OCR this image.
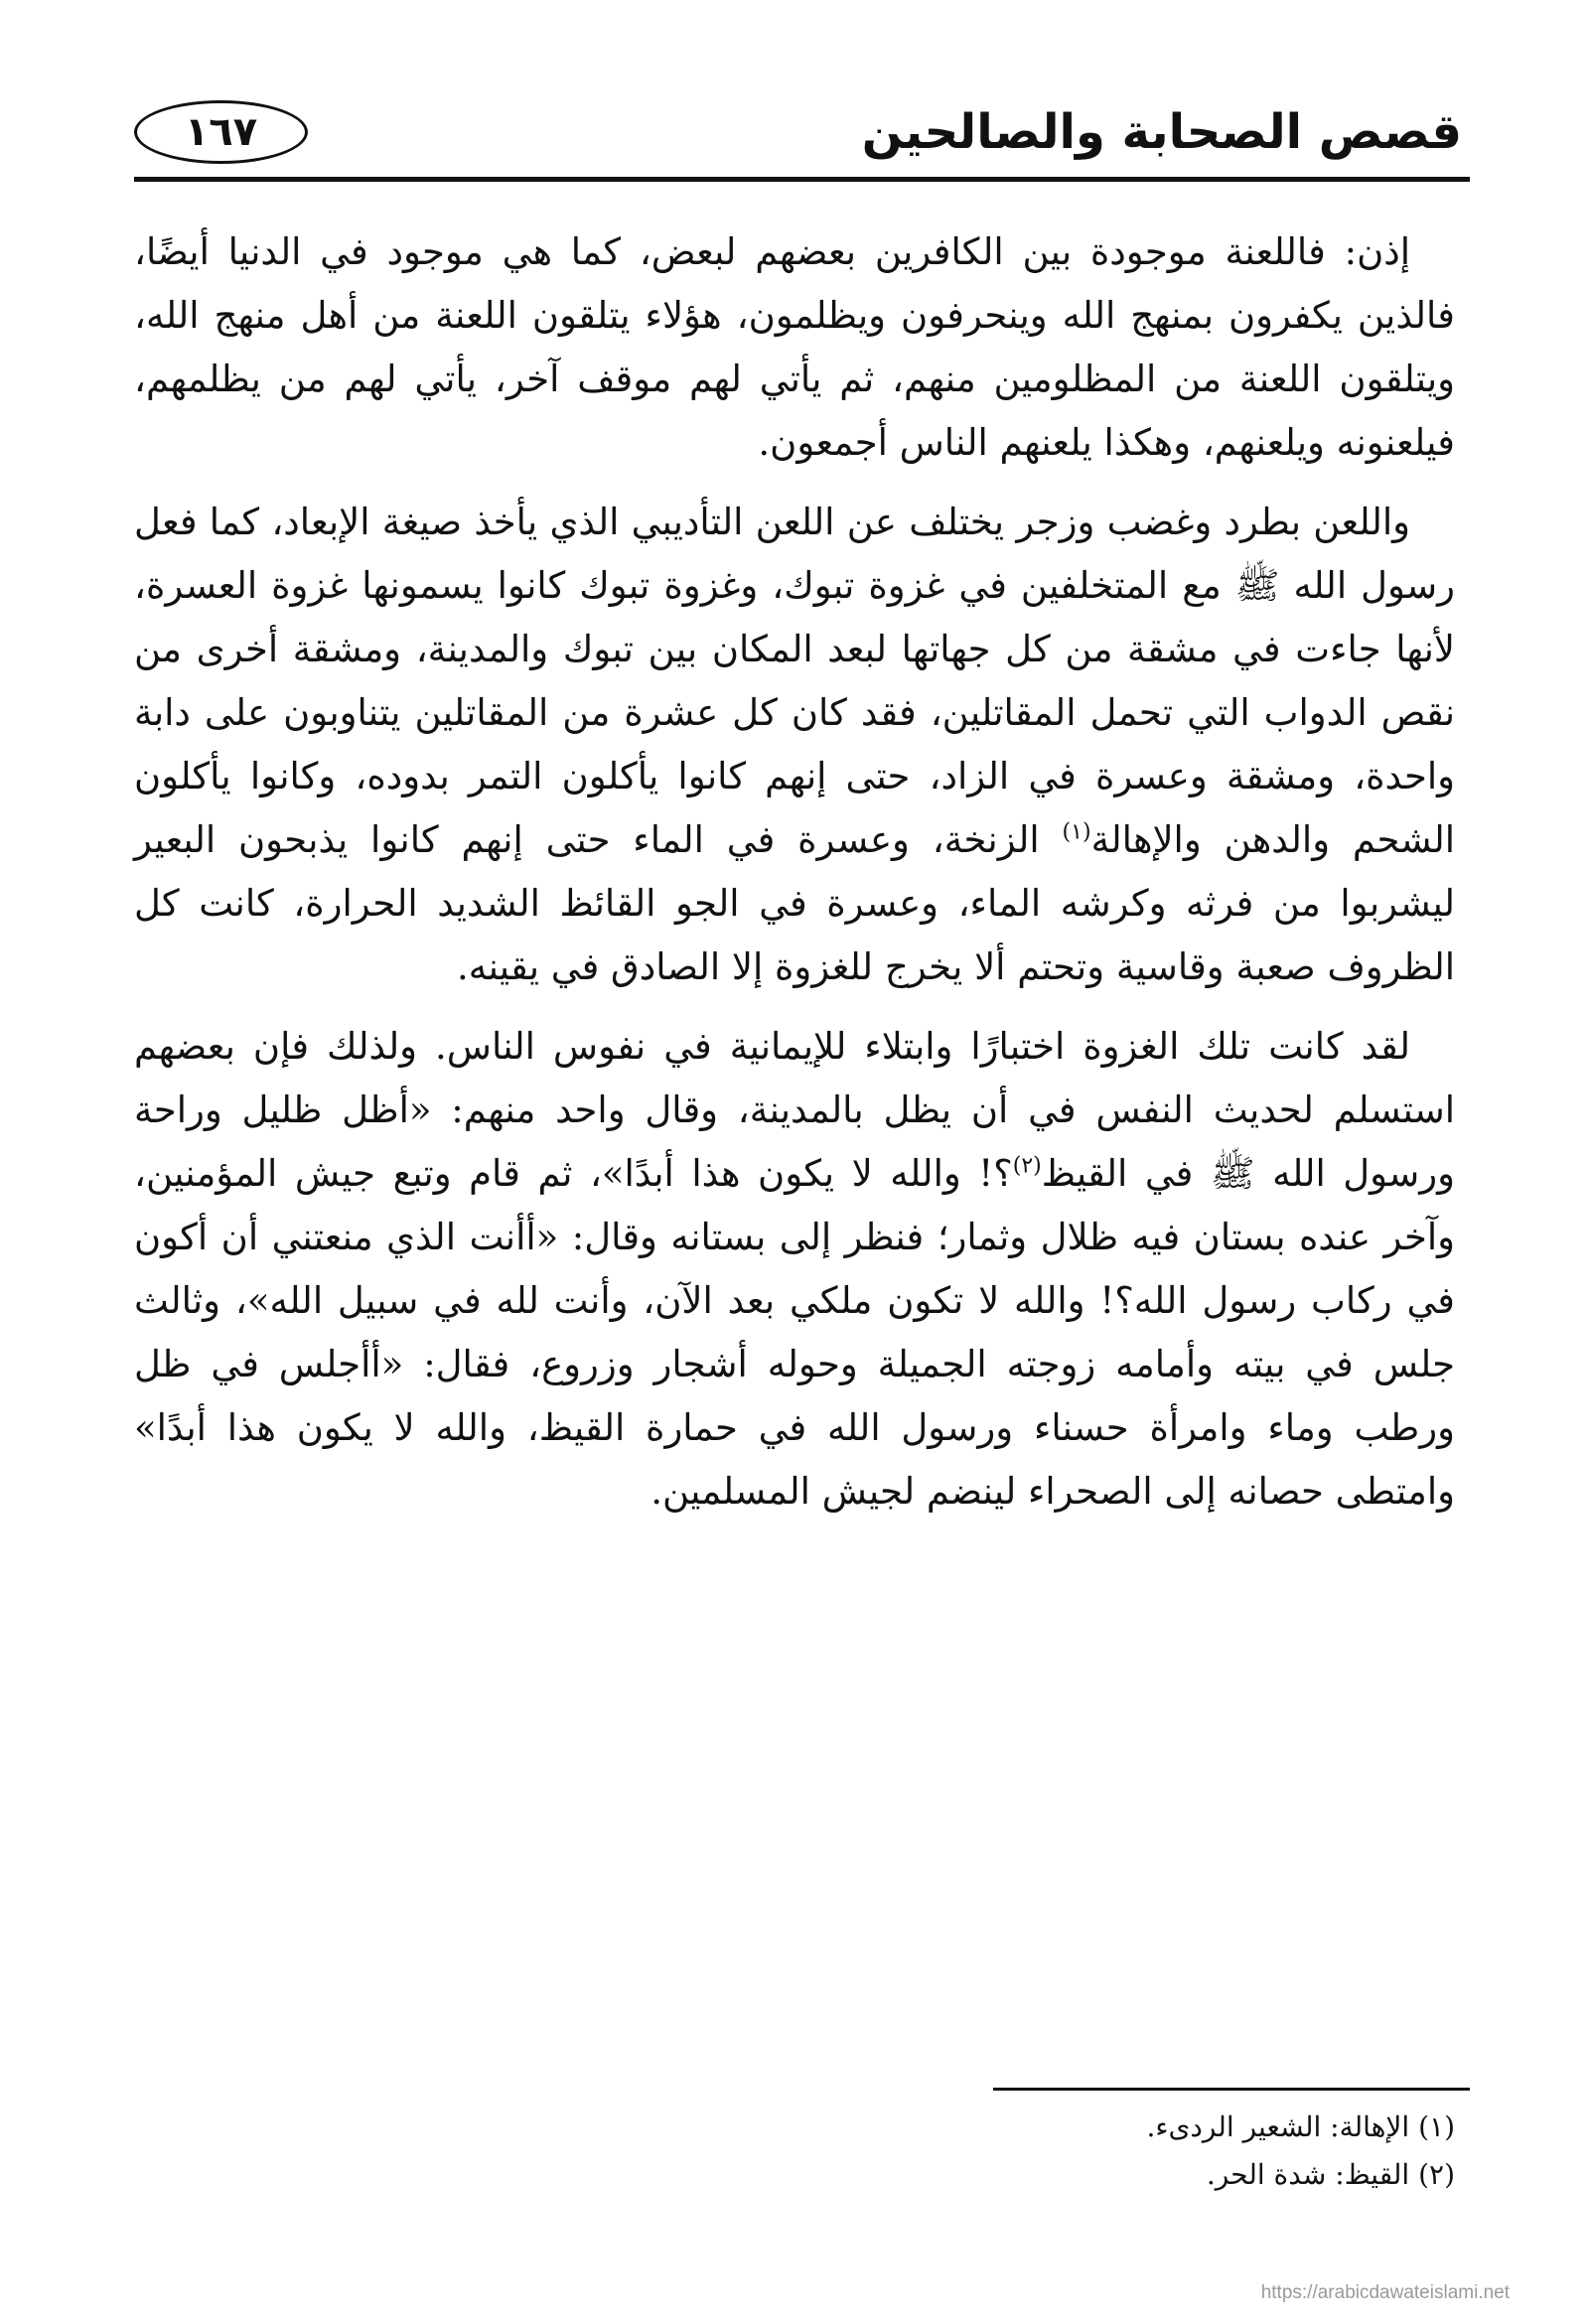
قصص الصحابة والصالحين
١٦٧

إذن: فاللعنة موجودة بين الكافرين بعضهم لبعض، كما هي موجود في الدنيا أيضًا، فالذين يكفرون بمنهج الله وينحرفون ويظلمون، هؤلاء يتلقون اللعنة من أهل منهج الله، ويتلقون اللعنة من المظلومين منهم، ثم يأتي لهم موقف آخر، يأتي لهم من يظلمهم، فيلعنونه ويلعنهم، وهكذا يلعنهم الناس أجمعون.

واللعن بطرد وغضب وزجر يختلف عن اللعن التأديبي الذي يأخذ صيغة الإبعاد، كما فعل رسول الله ﷺ مع المتخلفين في غزوة تبوك، وغزوة تبوك كانوا يسمونها غزوة العسرة، لأنها جاءت في مشقة من كل جهاتها لبعد المكان بين تبوك والمدينة، ومشقة أخرى من نقص الدواب التي تحمل المقاتلين، فقد كان كل عشرة من المقاتلين يتناوبون على دابة واحدة، ومشقة وعسرة في الزاد، حتى إنهم كانوا يأكلون التمر بدوده، وكانوا يأكلون الشحم والدهن والإهالة$^{(١)}$ الزنخة، وعسرة في الماء حتى إنهم كانوا يذبحون البعير ليشربوا من فرثه وكرشه الماء، وعسرة في الجو القائظ الشديد الحرارة، كانت كل الظروف صعبة وقاسية وتحتم ألا يخرج للغزوة إلا الصادق في يقينه.

لقد كانت تلك الغزوة اختبارًا وابتلاء للإيمانية في نفوس الناس. ولذلك فإن بعضهم استسلم لحديث النفس في أن يظل بالمدينة، وقال واحد منهم: «أظل ظليل وراحة ورسول الله ﷺ في القيظ$^{(٢)}$؟! والله لا يكون هذا أبدًا»، ثم قام وتبع جيش المؤمنين، وآخر عنده بستان فيه ظلال وثمار؛ فنظر إلى بستانه وقال: «أأنت الذي منعتني أن أكون في ركاب رسول الله؟! والله لا تكون ملكي بعد الآن، وأنت لله في سبيل الله»، وثالث جلس في بيته وأمامه زوجته الجميلة وحوله أشجار وزروع، فقال: «أأجلس في ظل ورطب وماء وامرأة حسناء ورسول الله في حمارة القيظ، والله لا يكون هذا أبدًا» وامتطى حصانه إلى الصحراء لينضم لجيش المسلمين.

(١) الإهالة: الشعير الردىء.
(٢) القيظ: شدة الحر.
https://arabicdawateislami.net
